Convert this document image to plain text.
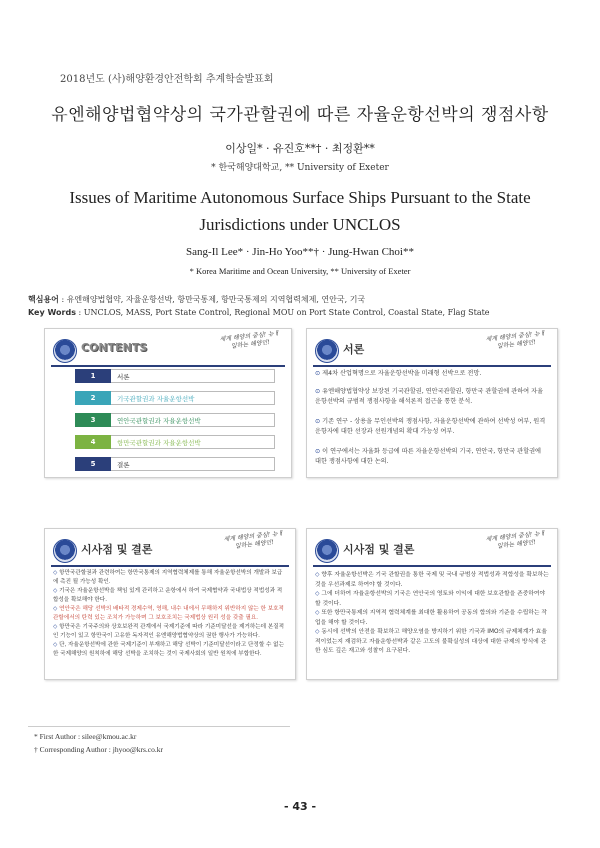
2018년도 (사)해양환경안전학회 추계학술발표회
유엔해양법협약상의 국가관할권에 따른 자율운항선박의 쟁점사항
이상일* · 유진호**† · 최정환**
* 한국해양대학교, ** University of Exeter
Issues of Maritime Autonomous Surface Ships Pursuant to the State
Jurisdictions under UNCLOS
Sang-Il Lee* · Jin-Ho Yoo**† · Jung-Hwan Choi**
* Korea Maritime and Ocean University, ** University of Exeter
핵심용어 : 유엔해양법협약, 자율운항선박, 항만국통제, 항만국통제의 지역협력체제, 연안국, 기국
Key Words : UNCLOS, MASS, Port State Control, Regional MOU on Port State Control, Coastal State, Flag State
CONTENTS
세계 해양의 중심! 뉴ㅐ일하는 해양인!
1	서론
2	기국관할권과 자율운항선박
3	연안국관할권과 자율운항선박
4	항만국관할권과 자율운항선박
5	결론
서론
세계 해양의 중심! 뉴ㅐ일하는 해양인!
⊙ 제4차 산업혁명으로 자율운항선박을 미래형 선박으로 전망.
⊙ 유엔해양법협약상 보장된 기국관할권, 연안국관할권, 항만국 관할권에 관하여 자율운항선박의 규범적 쟁점사항을 해석론적 접근을 통한 분석.
⊙ 기존 연구 - 상용을 무인선박의 쟁점사항, 자율운항선박에 관하여 선박성 여부, 원격운항자에 대한 선장과 선원개념의 확대 가능성 여부.
⊙ 이 연구에서는 자율화 등급에 따른 자율운항선박의 기국, 연안국, 항만국 관할권에 대한 쟁점사항에 대한 논의.
시사점 및 결론
세계 해양의 중심! 뉴ㅐ일하는 해양인!
◇ 항만국관할권과 관련하여는 항만국통제의 지역협력체제를 통해 자율운항선박의 개발과 보급에 촉진 될 가능성 확인.
◇ 기국은 자율운항선박을 책임 있게 관리하고 운항에서 하여 국제협약과 국내법상 적법성과 적합성을 확보해야 한다.
◇ 연안국은 해당 선박의 배타적 경제수역, 영해, 내수 내에서 무해하지 위반하지 않는 한 보호적 관할에서의 탄력 있는 조치가 가능하며 그 보호조치는 국제법상 원리 성을 갖출 필요.
◇ 항만국은 기국주의와 상호보완적 관계에서 국제기준에 따라 기준미달선을 제거하는데 본질적인 기능이 있고 항만국이 고유한 독자적인 유엔해양법협약상의 권한 행사가 가능하다.
◇ 단, 자율운항선박에 관한 국제기준이 부재하고 해당 선박이 기준미달선이라고 단정할 수 없는 한 국제해양의 원칙하에 해당 선박을 조치하는 것이 국제사회의 일반 원칙에 부합한다.
시사점 및 결론
세계 해양의 중심! 뉴ㅐ일하는 해양인!
◇ 향후 자율운항선박은 기국 관할권을 통한 국제 및 국내 규범상 적법성과 적합성을 확보하는 것을 우선과제로 하여야 할 것이다.
◇ 그에 더하여 자율운항선박의 기국은 연안국의 영토와 이익에 대한 보호관할을 존중하여야 할 것이다.
◇ 또한 항만국통제의 지역적 협력체계를 최대한 활용하여 공동의 합의와 기준을 수립하는 작업을 해야 할 것이다.
◇ 동시에 선박의 안전을 확보하고 해양오염을 방지하기 위한 기국과 IMO의 규제체계가 효율적이었는지 재검하고 자율운항선박과 같은 고도의 불확실성의 대상에 대한 규제의 방식에 관한 심도 깊은 재고와 성찰이 요구된다.
* First Author : silee@kmou.ac.kr
† Corresponding Author : jhyoo@krs.co.kr
- 43 -
